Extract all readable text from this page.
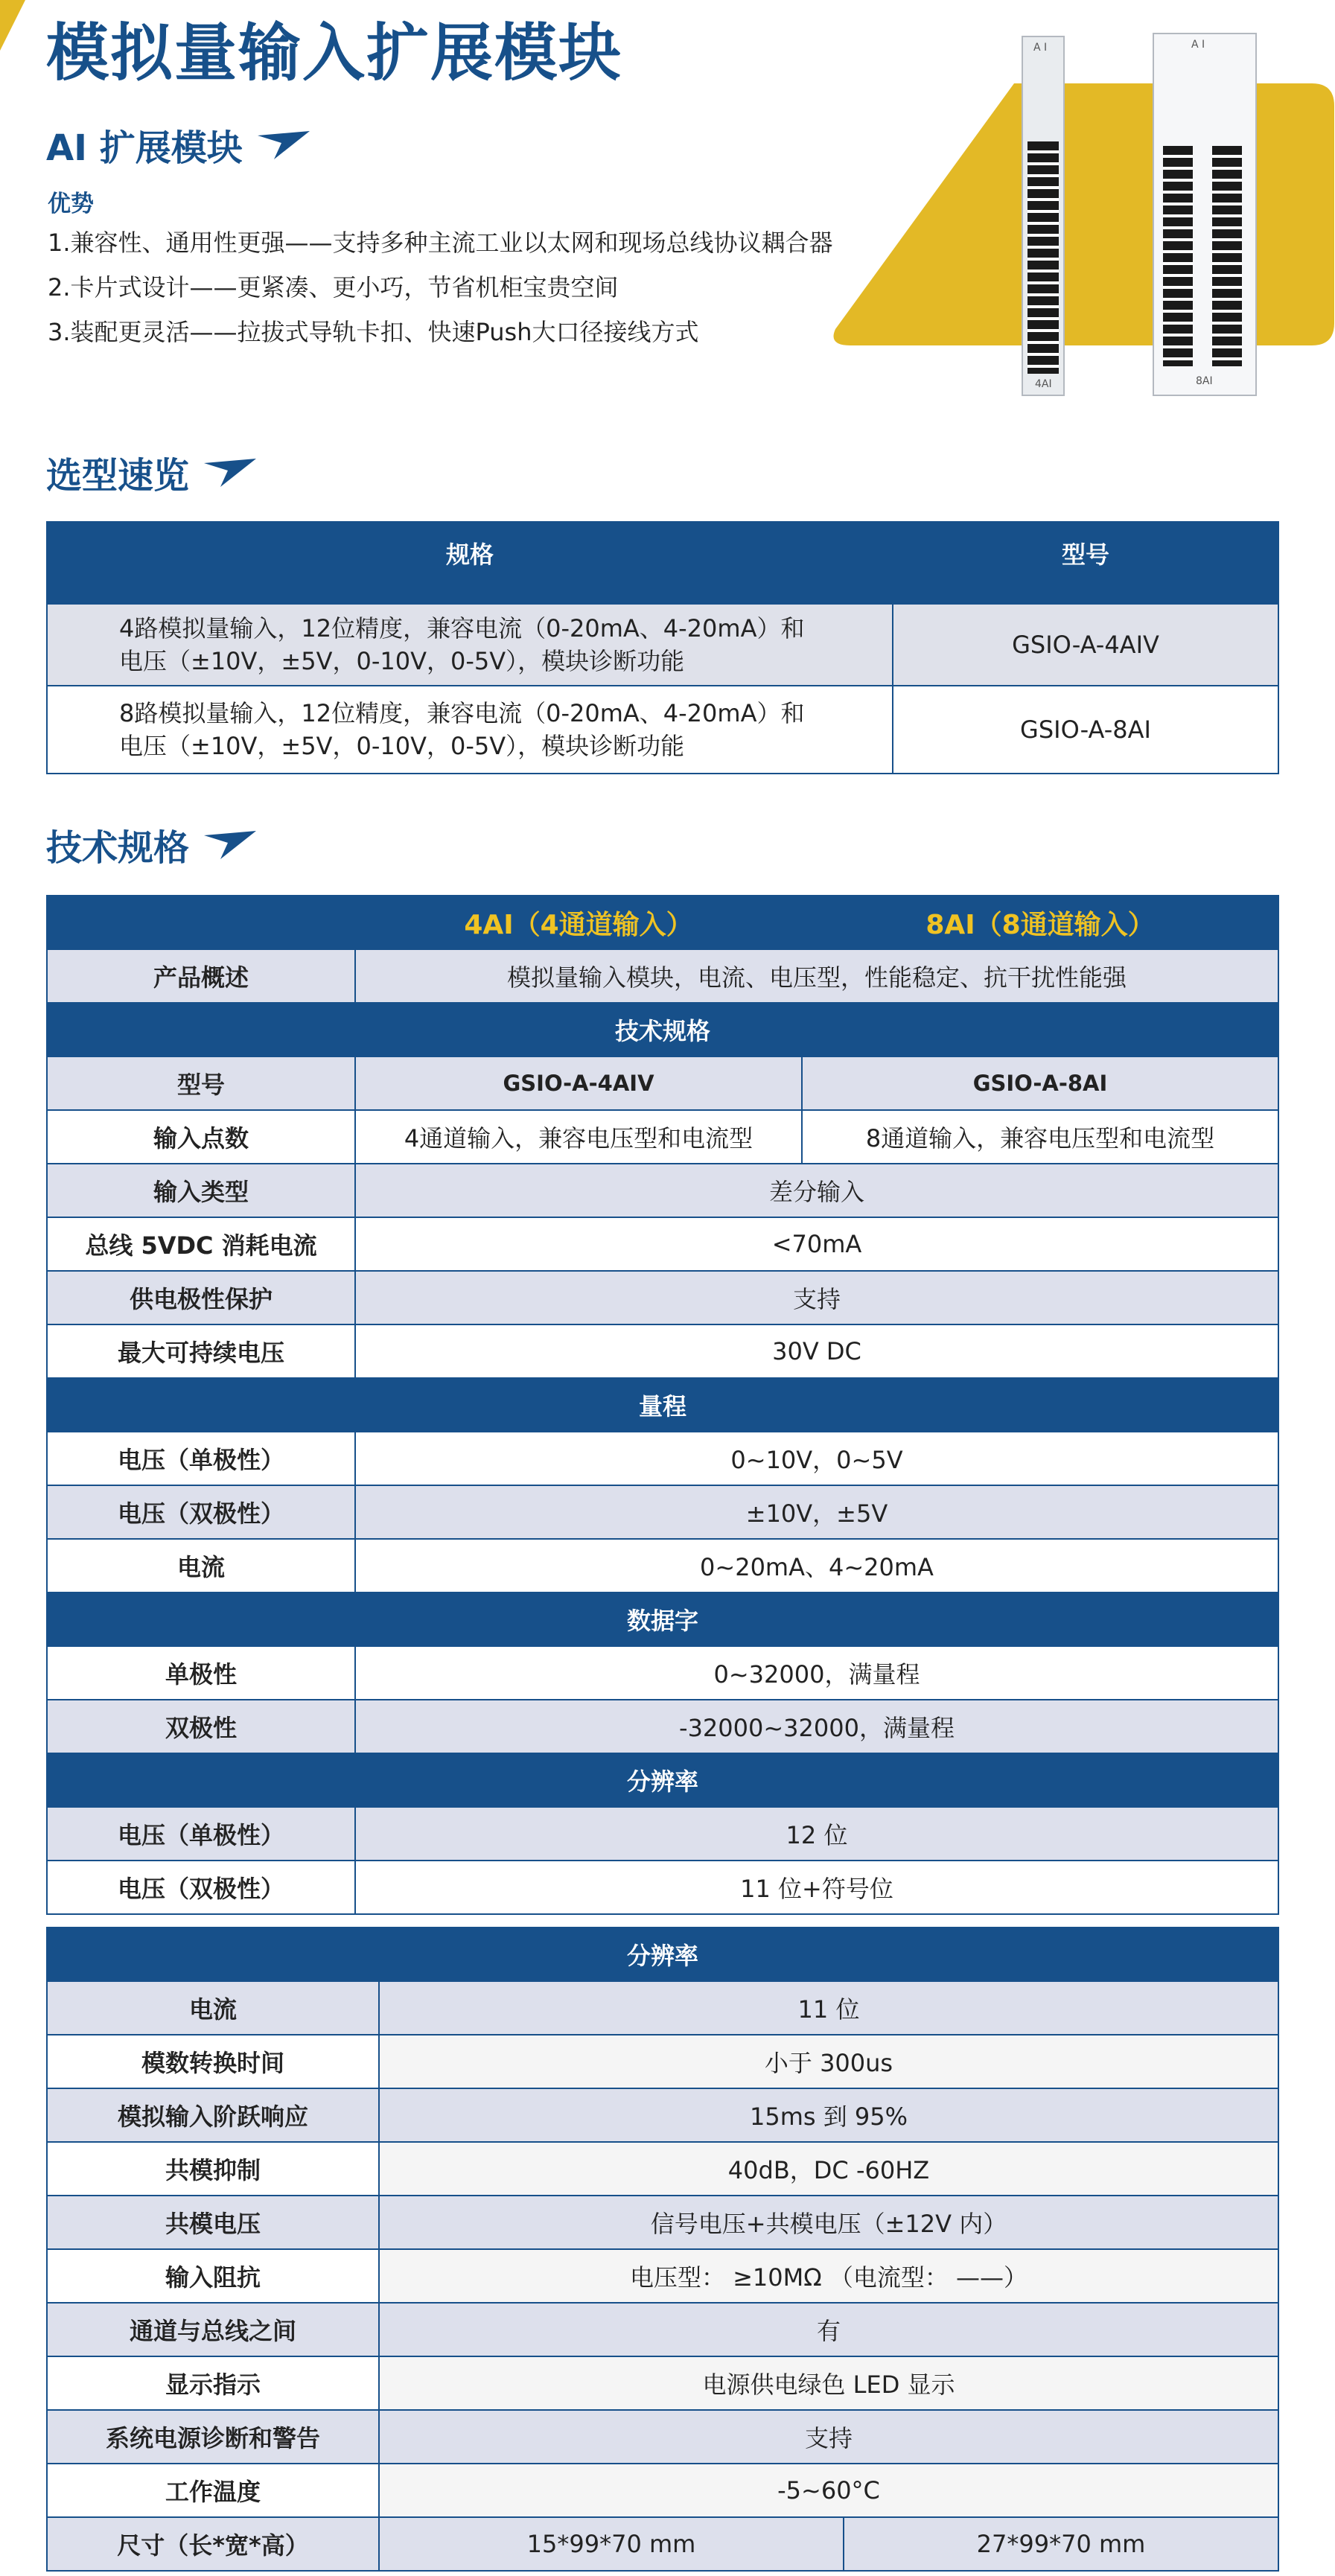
模拟量输入扩展模块
AI 扩展模块
优势
1.兼容性、通用性更强——支持多种主流工业以太网和现场总线协议耦合器
2.卡片式设计——更紧凑、更小巧，节省机柜宝贵空间
3.装配更灵活——拉拔式导轨卡扣、快速Push大口径接线方式
A I
4AI
A I
8AI
选型速览
规格	型号

4路模拟量输入，12位精度，兼容电流（0-20mA、4-20mA）和
电压（±10V，±5V，0-10V，0-5V），模块诊断功能	GSIO-A-4AIV

8路模拟量输入，12位精度，兼容电流（0-20mA、4-20mA）和
电压（±10V，±5V，0-10V，0-5V），模块诊断功能	GSIO-A-8AI
技术规格
	4AI（4通道输入）	8AI（8通道输入）
产品概述	模拟量输入模块，电流、电压型，性能稳定、抗干扰性能强	
技术规格		
型号	GSIO-A-4AIV	GSIO-A-8AI
输入点数	4通道输入，兼容电压型和电流型	8通道输入，兼容电压型和电流型
输入类型	差分输入	
总线 5VDC 消耗电流	<70mA	
供电极性保护	支持	
最大可持续电压	30V DC	
量程		
电压（单极性）	0~10V，0~5V	
电压（双极性）	±10V，±5V	
电流	0~20mA、4~20mA	
数据字		
单极性	0~32000，满量程	
双极性	-32000~32000，满量程	
分辨率		
电压（单极性）	12 位	
电压（双极性）	11 位+符号位	
分辨率		
电流	11 位	
模数转换时间	小于 300us	
模拟输入阶跃响应	15ms 到 95%	
共模抑制	40dB，DC -60HZ	
共模电压	信号电压+共模电压（±12V 内）	
输入阻抗	电压型： ≥10MΩ （电流型： ——）	
通道与总线之间	有	
显示指示	电源供电绿色 LED 显示	
系统电源诊断和警告	支持	
工作温度	-5~60°C	
尺寸（长*宽*高）	15*99*70 mm	27*99*70 mm
